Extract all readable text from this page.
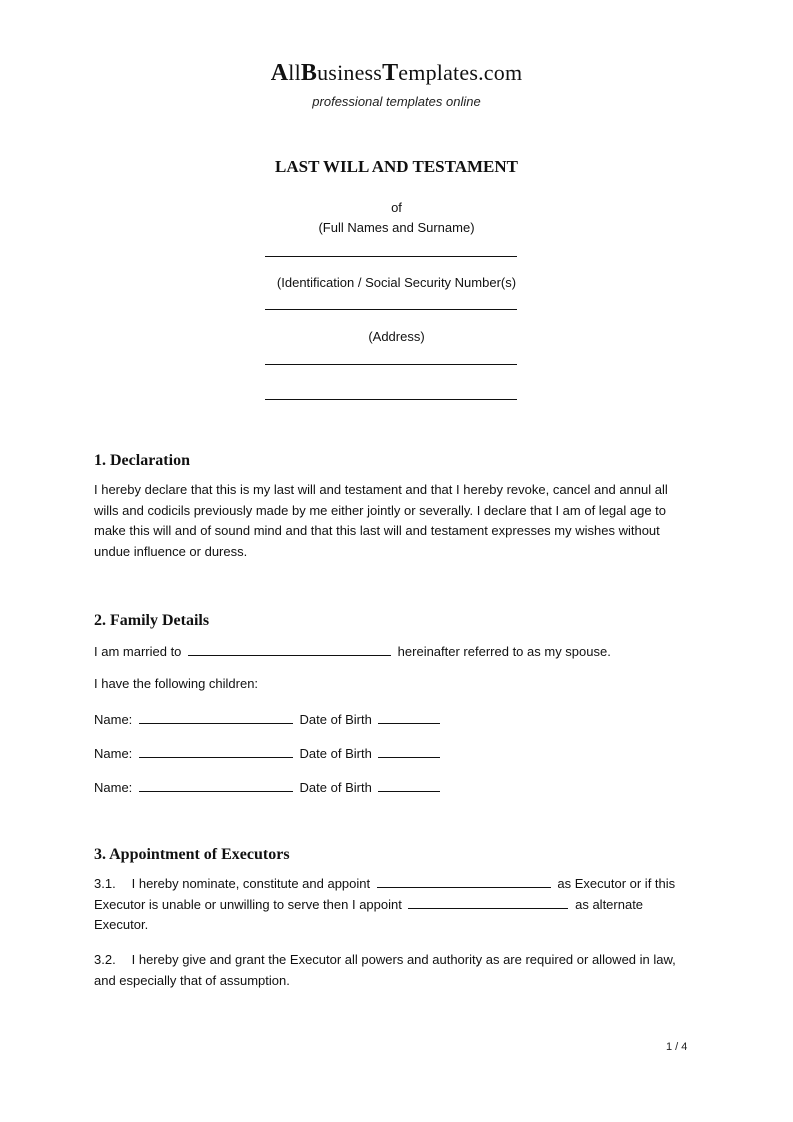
AllBusinessTemplates.com
professional templates online
LAST WILL AND TESTAMENT
of
(Full Names and Surname)
(Identification / Social Security Number(s)
(Address)
1. Declaration
I hereby declare that this is my last will and testament and that I hereby revoke, cancel and annul all
wills and codicils previously made by me either jointly or severally. I declare that I am of legal age to
make this will and of sound mind and that this last will and testament expresses my wishes without
undue influence or duress.
2. Family Details
I am married to	hereinafter referred to as my spouse.
I have the following children:
Name:	Date of Birth
Name:	Date of Birth
Name:	Date of Birth
3. Appointment of Executors
3.1. I hereby nominate, constitute and appoint	as Executor or if this
Executor is unable or unwilling to serve then I appoint	as alternate
Executor.
3.2. I hereby give and grant the Executor all powers and authority as are required or allowed in law,
and especially that of assumption.
1 / 4
